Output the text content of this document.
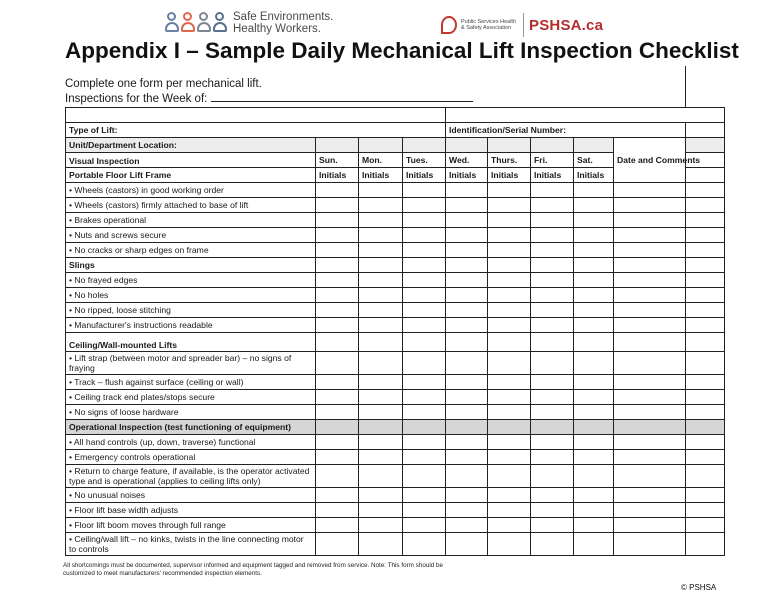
Safe Environments.
Healthy Workers.
Public Services Health
& Safety Association	PSHSA.ca
Appendix I – Sample Daily Mechanical Lift Inspection Checklist
Complete one form per mechanical lift.
Inspections for the Week of:

Type of Lift:				Identification/Serial Number:					
Unit/Department Location:								Date and Comments	
Visual Inspection	Sun.	Mon.	Tues.	Wed.	Thurs.	Fri.	Sat.		
Portable Floor Lift Frame	Initials	Initials	Initials	Initials	Initials	Initials	Initials		
• Wheels (castors) in good working order									
• Wheels (castors) firmly attached to base of lift									
• Brakes operational									
• Nuts and screws secure									
• No cracks or sharp edges on frame									
Slings									
• No frayed edges									
• No holes									
• No ripped, loose stitching									
• Manufacturer's instructions readable									
Ceiling/Wall-mounted Lifts									
• Lift strap (between motor and spreader bar) – no signs of fraying									
• Track – flush against surface (ceiling or wall)									
• Ceiling track end plates/stops secure									
• No signs of loose hardware									
Operational Inspection (test functioning of equipment)									
• All hand controls (up, down, traverse) functional									
• Emergency controls operational									
• Return to charge feature, if available, is the operator activated type and is operational (applies to ceiling lifts only)									
• No unusual noises									
• Floor lift base width adjusts									
• Floor lift boom moves through full range									
• Ceiling/wall lift – no kinks, twists in the line connecting motor to controls									
All shortcomings must be documented, supervisor informed and equipment tagged and removed from service. Note: This form should be
customized to meet manufacturers' recommended inspection elements.
© PSHSA
